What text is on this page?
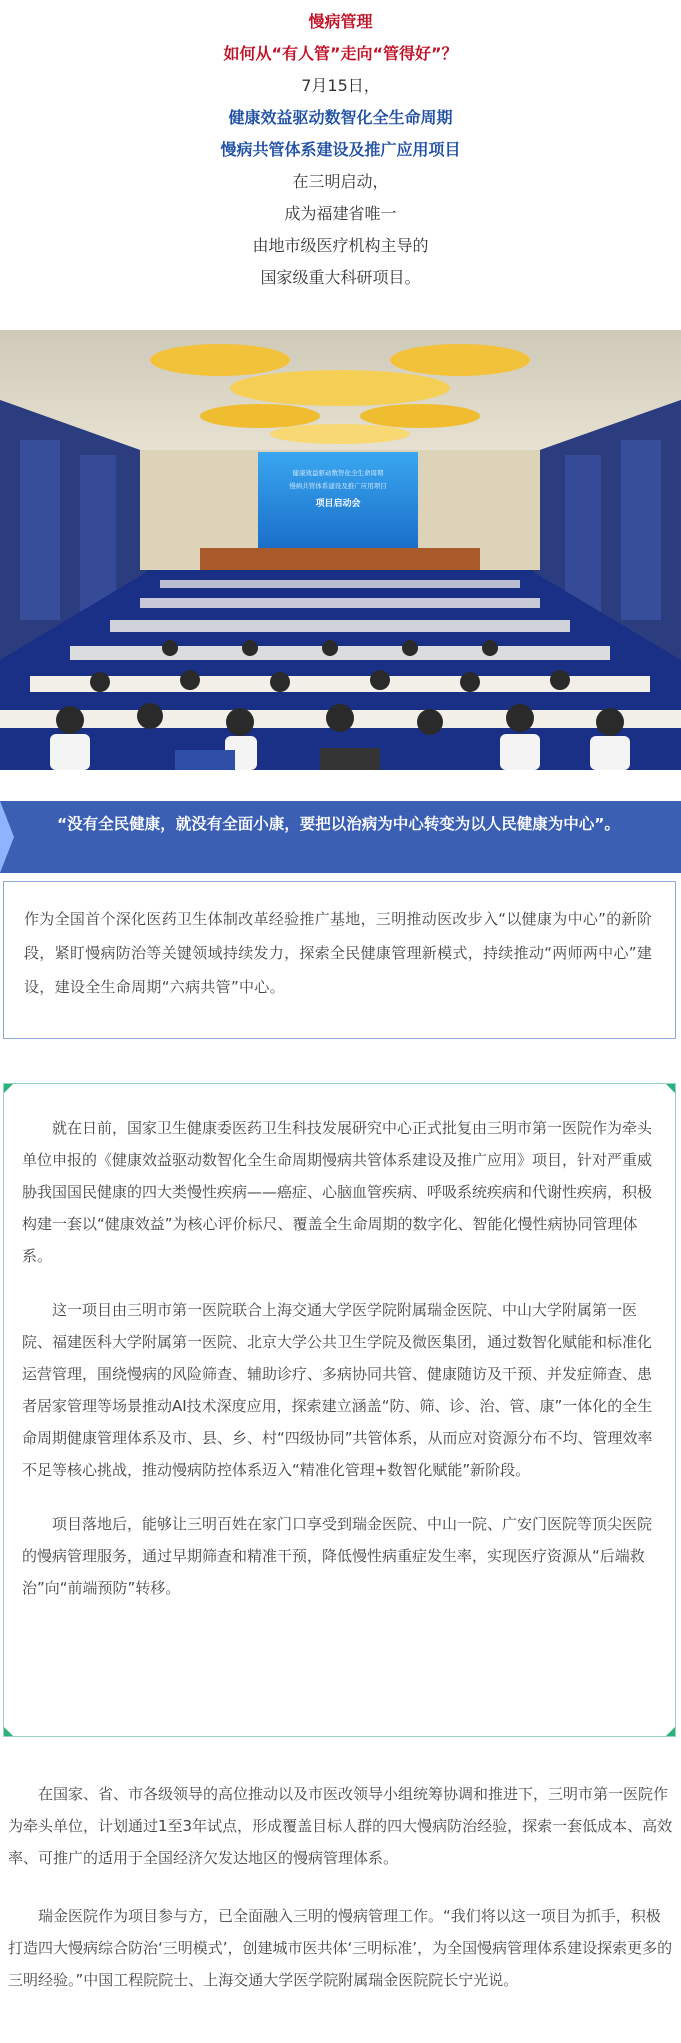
慢病管理

如何从“有人管”走向“管得好”？

7月15日，

健康效益驱动数智化全生命周期

慢病共管体系建设及推广应用项目

在三明启动，

成为福建省唯一

由地市级医疗机构主导的

国家级重大科研项目。

健康效益驱动数智化全生命周期
慢病共管体系建设及推广应用项目
项目启动会
“没有全民健康，就没有全面小康，要把以治病为中心转变为以人民健康为中心”。

作为全国首个深化医药卫生体制改革经验推广基地，三明推动医改步入“以健康为中心”的新阶段，紧盯慢病防治等关键领域持续发力，探索全民健康管理新模式，持续推动“两师两中心”建设，建设全生命周期“六病共管”中心。

就在日前，国家卫生健康委医药卫生科技发展研究中心正式批复由三明市第一医院作为牵头单位申报的《健康效益驱动数智化全生命周期慢病共管体系建设及推广应用》项目，针对严重威胁我国国民健康的四大类慢性疾病——癌症、心脑血管疾病、呼吸系统疾病和代谢性疾病，积极构建一套以“健康效益”为核心评价标尺、覆盖全生命周期的数字化、智能化慢性病协同管理体系。

这一项目由三明市第一医院联合上海交通大学医学院附属瑞金医院、中山大学附属第一医院、福建医科大学附属第一医院、北京大学公共卫生学院及微医集团，通过数智化赋能和标准化运营管理，围绕慢病的风险筛查、辅助诊疗、多病协同共管、健康随访及干预、并发症筛查、患者居家管理等场景推动AI技术深度应用，探索建立涵盖“防、筛、诊、治、管、康”一体化的全生命周期健康管理体系及市、县、乡、村“四级协同”共管体系，从而应对资源分布不均、管理效率不足等核心挑战，推动慢病防控体系迈入“精准化管理+数智化赋能”新阶段。

项目落地后，能够让三明百姓在家门口享受到瑞金医院、中山一院、广安门医院等顶尖医院的慢病管理服务，通过早期筛查和精准干预，降低慢性病重症发生率，实现医疗资源从“后端救治”向“前端预防”转移。

在国家、省、市各级领导的高位推动以及市医改领导小组统筹协调和推进下，三明市第一医院作为牵头单位，计划通过1至3年试点，形成覆盖目标人群的四大慢病防治经验，探索一套低成本、高效率、可推广的适用于全国经济欠发达地区的慢病管理体系。

瑞金医院作为项目参与方，已全面融入三明的慢病管理工作。“我们将以这一项目为抓手，积极打造四大慢病综合防治‘三明模式’，创建城市医共体‘三明标准’，为全国慢病管理体系建设探索更多的三明经验。”中国工程院院士、上海交通大学医学院附属瑞金医院院长宁光说。
